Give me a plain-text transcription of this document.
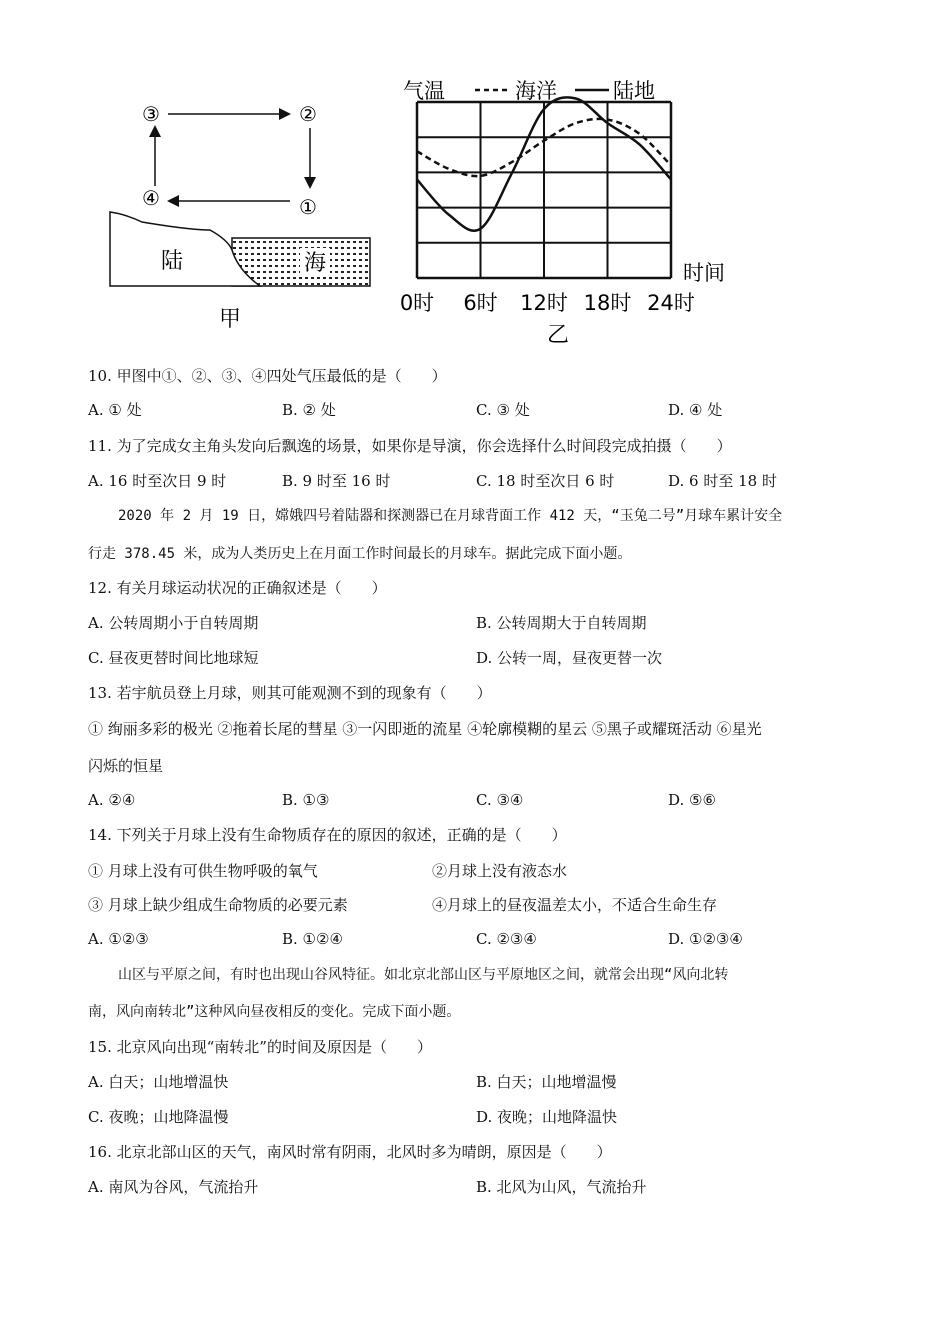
③	②
④	①
陆	海
甲
气温	海洋	陆地
0时 6时 12时 18时 24时
时间
乙
10. 甲图中①、②、③、④四处气压最低的是（　　）
A. ① 处	B. ② 处	C. ③ 处	D. ④ 处
11. 为了完成女主角头发向后飘逸的场景，如果你是导演，你会选择什么时间段完成拍摄（　　）
A. 16 时至次日 9 时	B. 9 时至 16 时	C. 18 时至次日 6 时	D. 6 时至 18 时
2020 年 2 月 19 日，嫦娥四号着陆器和探测器已在月球背面工作 412 天，“玉兔二号”月球车累计安全
行走 378.45 米，成为人类历史上在月面工作时间最长的月球车。据此完成下面小题。
12. 有关月球运动状况的正确叙述是（　　）
A. 公转周期小于自转周期	B. 公转周期大于自转周期
C. 昼夜更替时间比地球短	D. 公转一周，昼夜更替一次
13. 若宇航员登上月球，则其可能观测不到的现象有（　　）
① 绚丽多彩的极光 ②拖着长尾的彗星 ③一闪即逝的流星 ④轮廓模糊的星云 ⑤黑子或耀斑活动 ⑥星光
闪烁的恒星
A. ②④	B. ①③	C. ③④	D. ⑤⑥
14. 下列关于月球上没有生命物质存在的原因的叙述，正确的是（　　）
① 月球上没有可供生物呼吸的氧气	②月球上没有液态水
③ 月球上缺少组成生命物质的必要元素	④月球上的昼夜温差太小，不适合生命生存
A. ①②③	B. ①②④	C. ②③④	D. ①②③④
山区与平原之间，有时也出现山谷风特征。如北京北部山区与平原地区之间，就常会出现“风向北转
南，风向南转北”这种风向昼夜相反的变化。完成下面小题。
15. 北京风向出现“南转北”的时间及原因是（　　）
A. 白天；山地增温快	B. 白天；山地增温慢
C. 夜晚；山地降温慢	D. 夜晚；山地降温快
16. 北京北部山区的天气，南风时常有阴雨，北风时多为晴朗，原因是（　　）
A. 南风为谷风，气流抬升	B. 北风为山风，气流抬升
